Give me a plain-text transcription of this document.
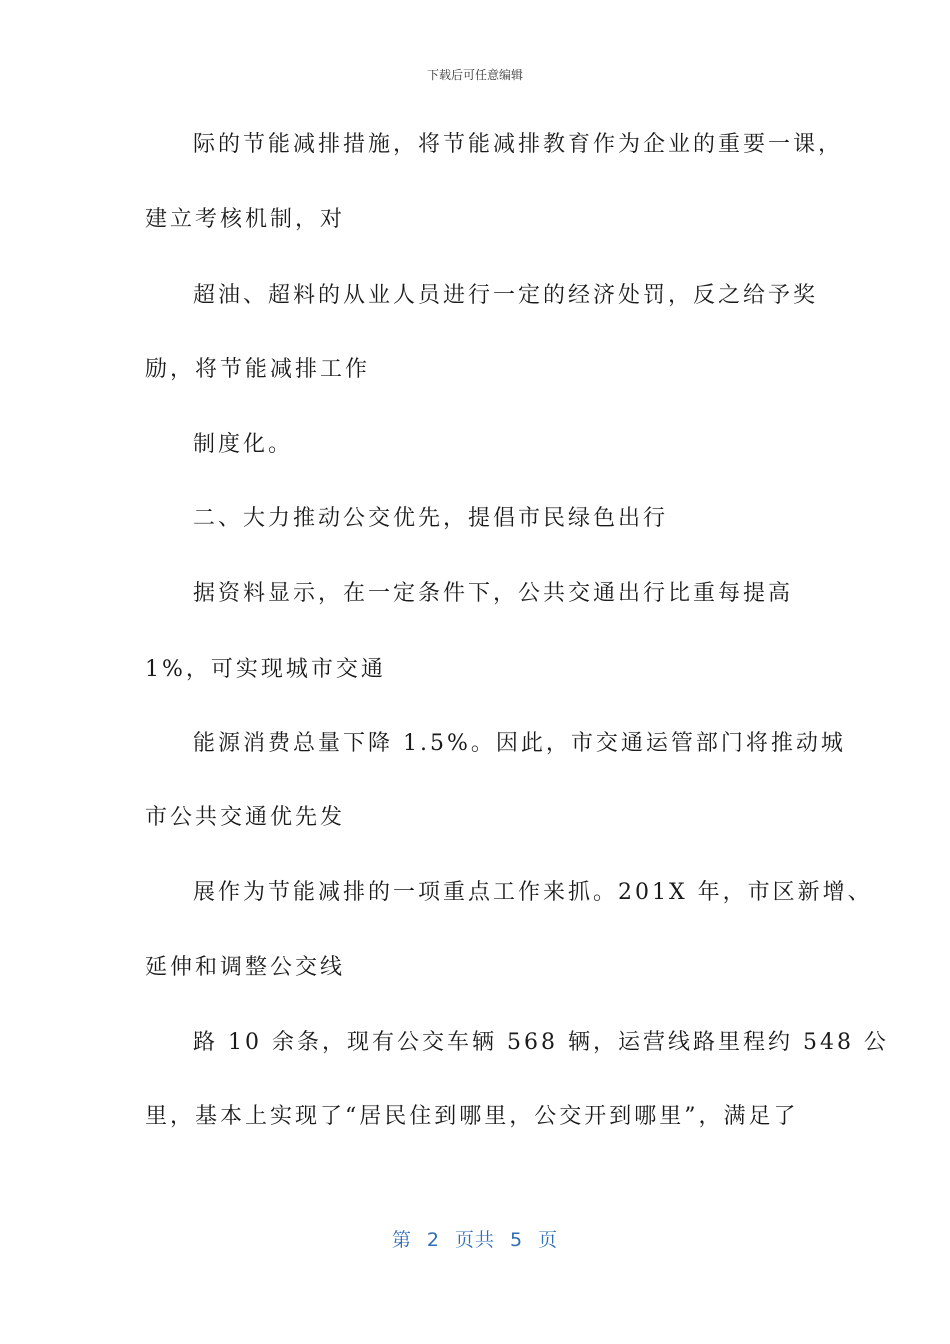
下载后可任意编辑
际的节能减排措施，将节能减排教育作为企业的重要一课，
建立考核机制，对
超油、超料的从业人员进行一定的经济处罚，反之给予奖
励，将节能减排工作
制度化。
二、大力推动公交优先，提倡市民绿色出行
据资料显示，在一定条件下，公共交通出行比重每提高
1%，可实现城市交通
能源消费总量下降 1.5%。因此，市交通运管部门将推动城
市公共交通优先发
展作为节能减排的一项重点工作来抓。201X 年，市区新增、
延伸和调整公交线
路 10 余条，现有公交车辆 568 辆，运营线路里程约 548 公
里，基本上实现了“居民住到哪里，公交开到哪里”，满足了
第 2 页共 5 页
